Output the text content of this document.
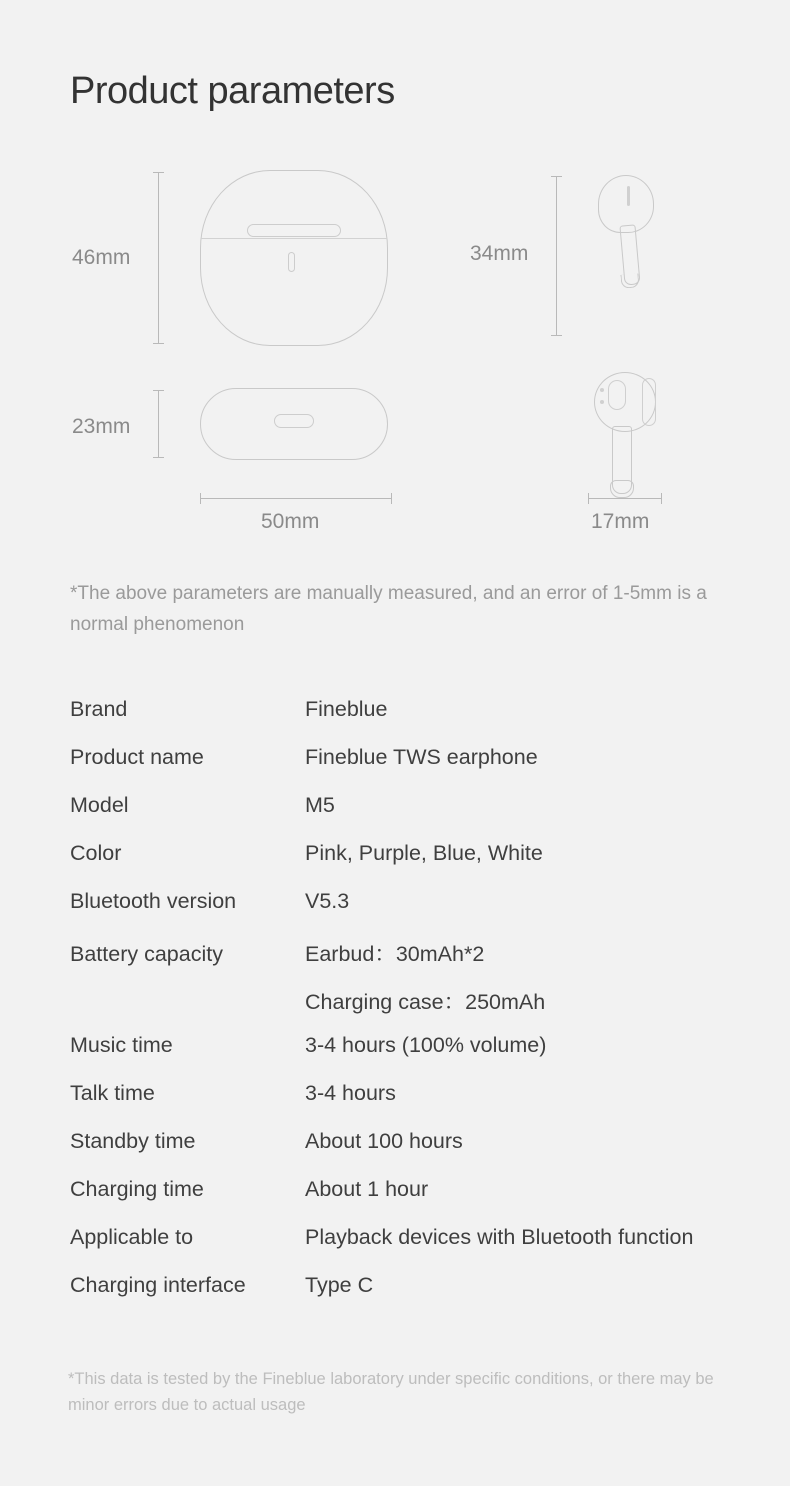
Product parameters
46mm
23mm
50mm
34mm
17mm
*The above parameters are manually measured, and an error of 1-5mm is a normal phenomenon
Brand	Fineblue
Product name	Fineblue TWS earphone
Model	M5
Color	Pink, Purple, Blue, White
Bluetooth version	V5.3
Battery capacity	Earbud：30mAh*2
Charging case：250mAh
Music time	3-4 hours (100% volume)
Talk time	3-4 hours
Standby time	About 100 hours
Charging time	About 1 hour
Applicable to	Playback devices with Bluetooth function
Charging interface	Type C
*This data is tested by the Fineblue laboratory under specific conditions, or there may be minor errors due to actual usage
